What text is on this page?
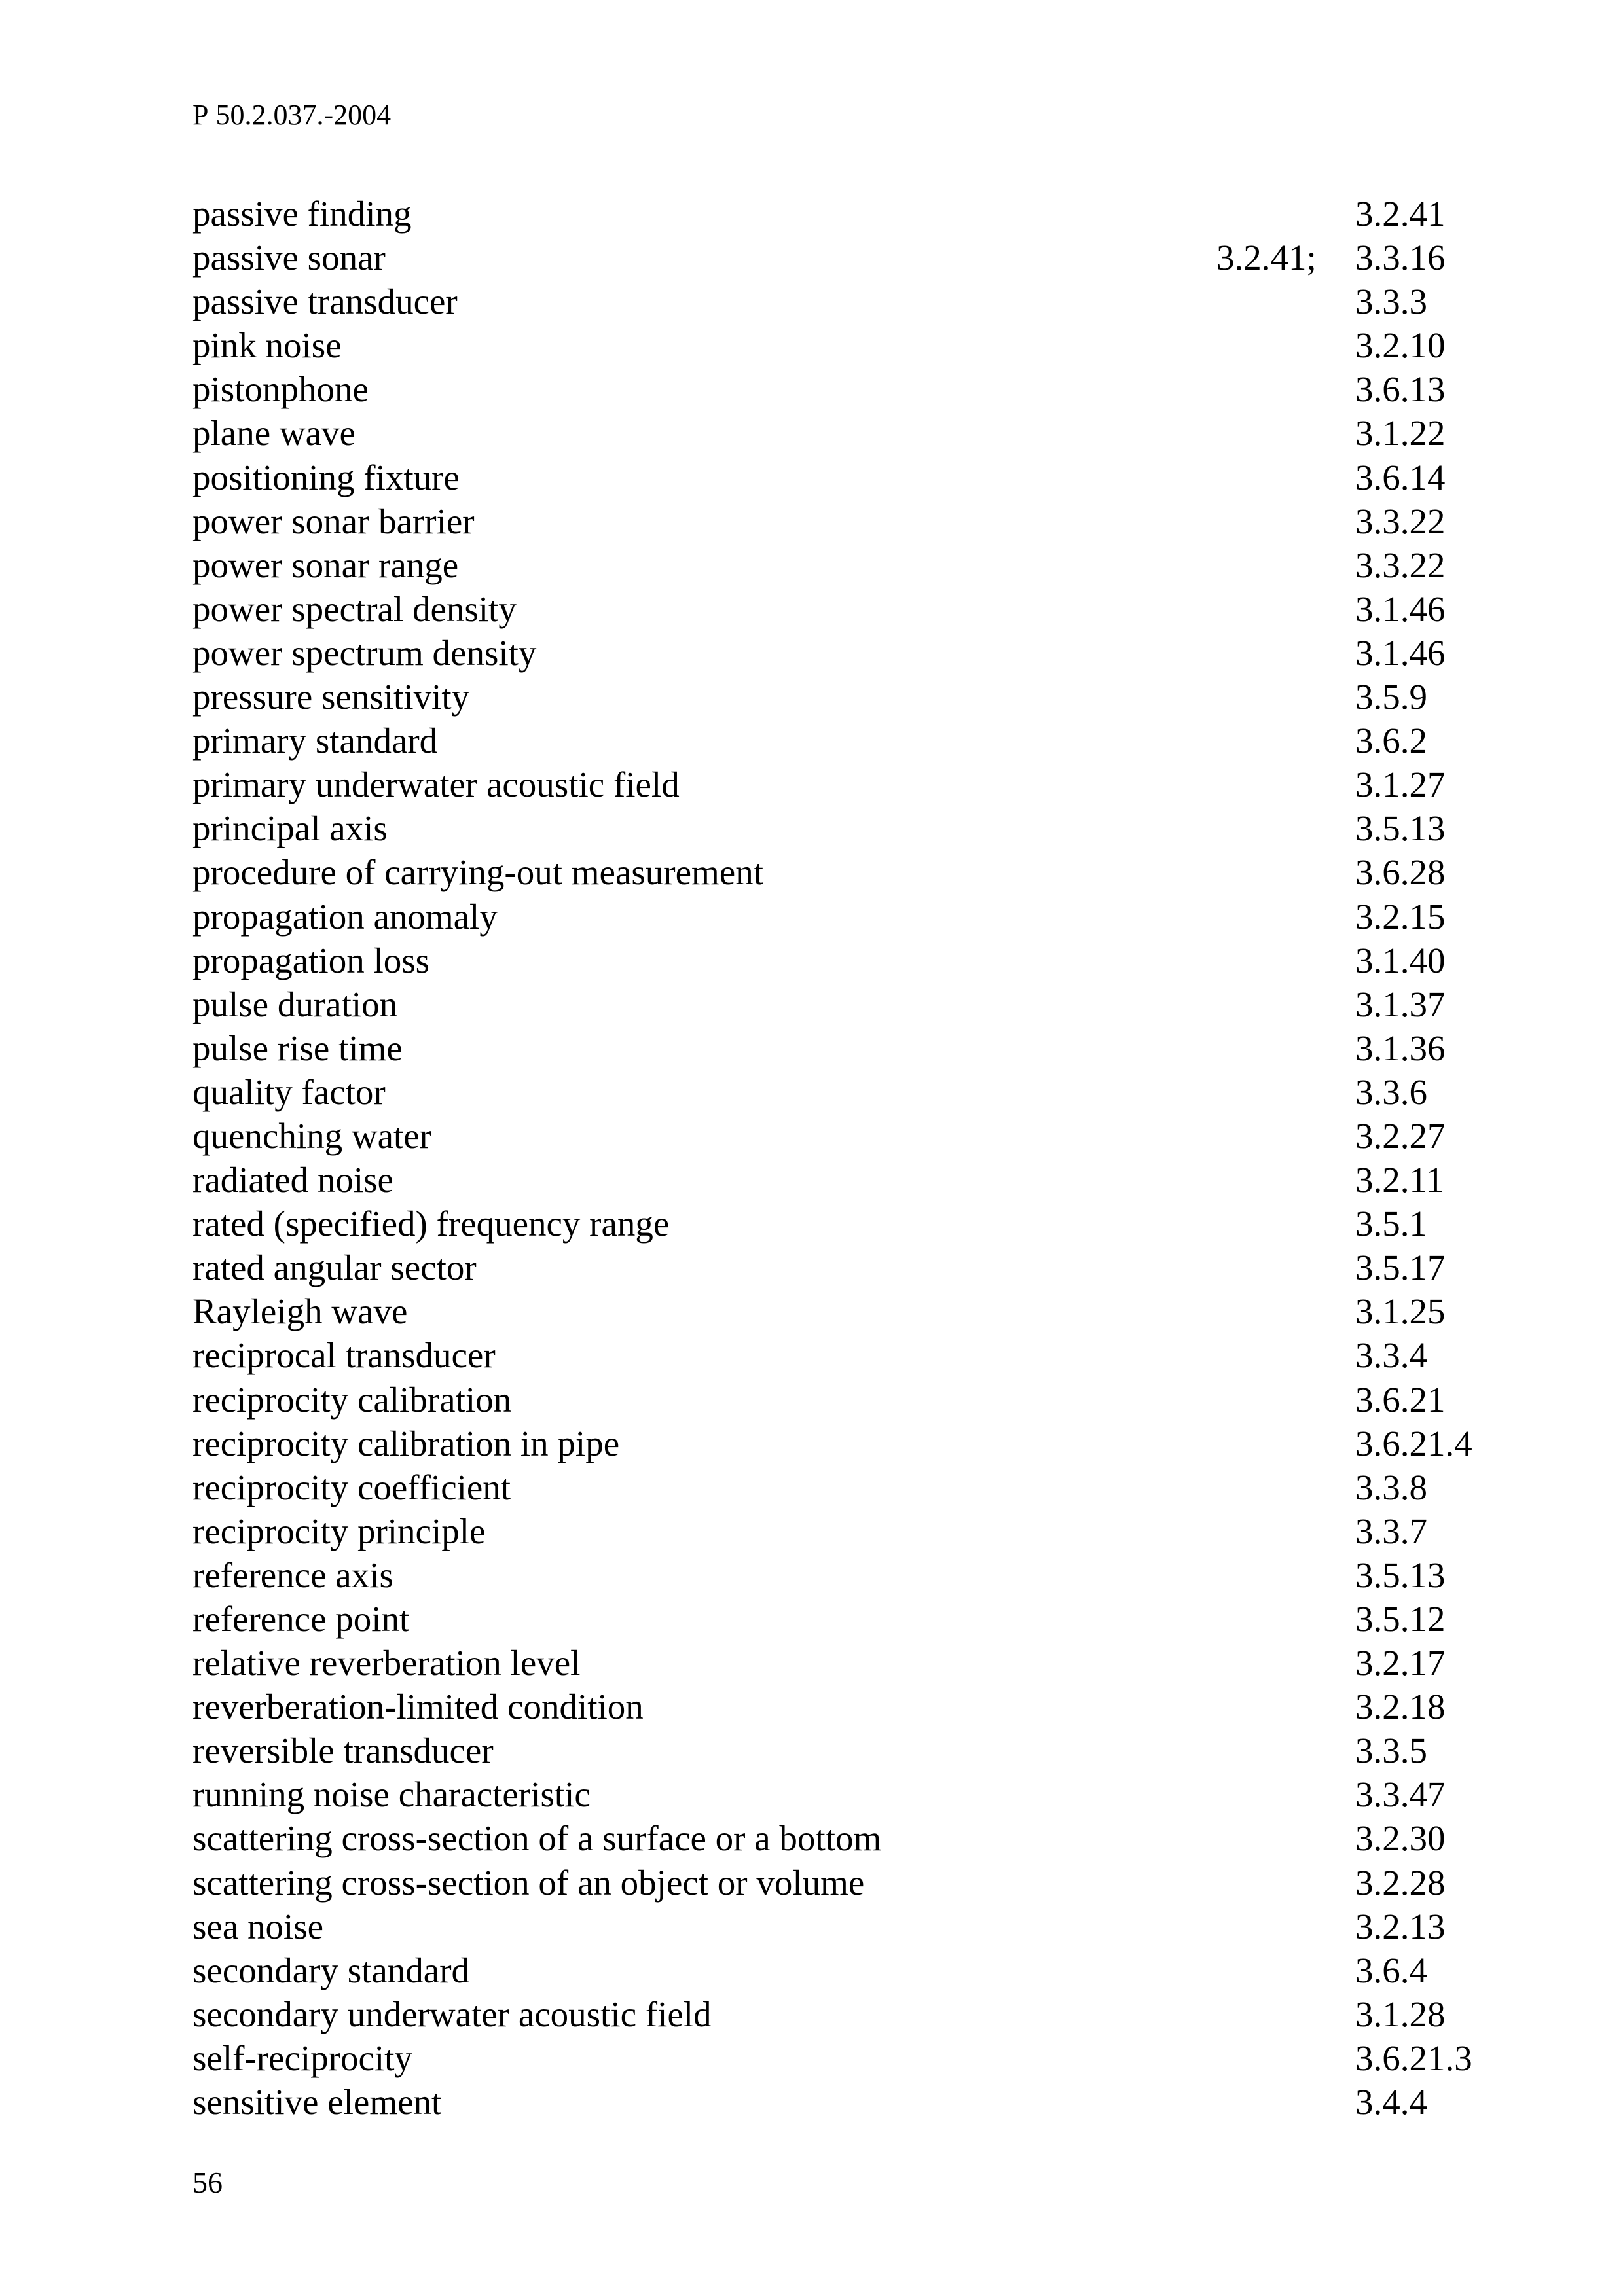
Р 50.2.037.-2004
passive finding	3.2.41
passive sonar	3.2.41; 3.3.16
passive transducer	3.3.3
pink noise	3.2.10
pistonphone	3.6.13
plane wave	3.1.22
positioning fixture	3.6.14
power sonar barrier	3.3.22
power sonar range	3.3.22
power spectral density	3.1.46
power spectrum density	3.1.46
pressure sensitivity	3.5.9
primary standard	3.6.2
primary underwater acoustic field	3.1.27
principal axis	3.5.13
procedure of carrying-out measurement	3.6.28
propagation anomaly	3.2.15
propagation loss	3.1.40
pulse duration	3.1.37
pulse rise time	3.1.36
quality factor	3.3.6
quenching water	3.2.27
radiated noise	3.2.11
rated (specified) frequency range	3.5.1
rated angular sector	3.5.17
Rayleigh wave	3.1.25
reciprocal transducer	3.3.4
reciprocity calibration	3.6.21
reciprocity calibration in pipe	3.6.21.4
reciprocity coefficient	3.3.8
reciprocity principle	3.3.7
reference axis	3.5.13
reference point	3.5.12
relative reverberation level	3.2.17
reverberation-limited condition	3.2.18
reversible transducer	3.3.5
running noise characteristic	3.3.47
scattering cross-section of a surface or a bottom	3.2.30
scattering cross-section of an object or volume	3.2.28
sea noise	3.2.13
secondary standard	3.6.4
secondary underwater acoustic field	3.1.28
self-reciprocity	3.6.21.3
sensitive element	3.4.4
56
